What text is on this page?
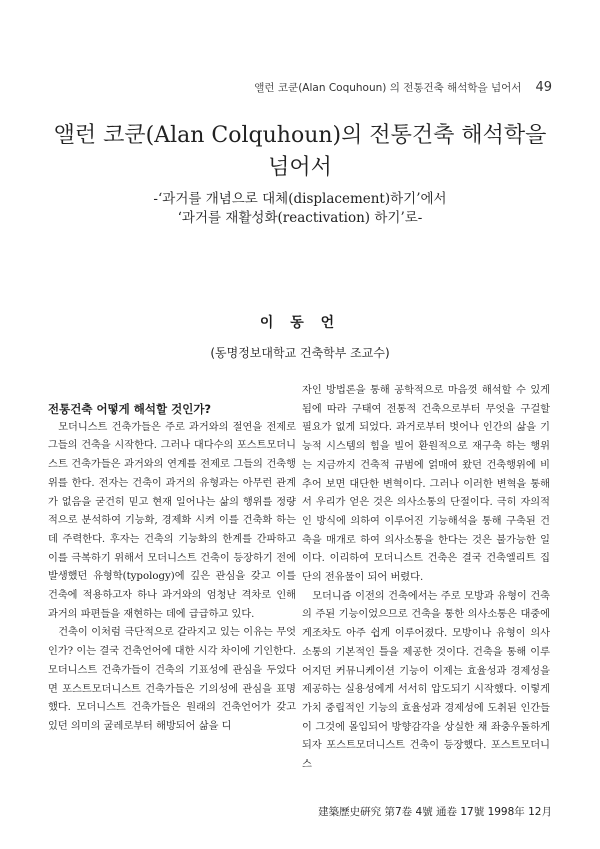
앨런 코쿤(Alan Coquhoun) 의 전통건축 해석학을 넘어서 49
앨런 코쿤(Alan Colquhoun)의 전통건축 해석학을
넘어서
-‘과거를 개념으로 대체(displacement)하기’에서
‘과거를 재활성화(reactivation) 하기’로-
이 동 언
(동명정보대학교 건축학부 조교수)

전통건축 어떻게 해석할 것인가?

모더니스트 건축가들은 주로 과거와의 절연을 전제로 그들의 건축을 시작한다. 그러나 대다수의 포스트모더니스트 건축가들은 과거와의 연계를 전제로 그들의 건축행위를 한다. 전자는 건축이 과거의 유형과는 아무런 관계가 없음을 굳건히 믿고 현재 일어나는 삶의 행위를 정량적으로 분석하여 기능화, 경제화 시켜 이를 건축화 하는데 주력한다. 후자는 건축의 기능화의 한계를 간파하고 이를 극복하기 위해서 모더니스트 건축이 등장하기 전에 발생했던 유형학(typology)에 깊은 관심을 갖고 이를 건축에 적용하고자 하나 과거와의 엄청난 격차로 인해 과거의 파편들을 재현하는 데에 급급하고 있다.

건축이 이처럼 극단적으로 갈라지고 있는 이유는 무엇인가? 이는 결국 건축언어에 대한 시각 차이에 기인한다. 모더니스트 건축가들이 건축의 기표성에 관심을 두었다면 포스트모더니스트 건축가들은 기의성에 관심을 표명했다. 모더니스트 건축가들은 원래의 건축언어가 갖고 있던 의미의 굴레로부터 해방되어 삶을 디

자인 방법론을 통해 공학적으로 마음껏 해석할 수 있게 됨에 따라 구태여 전통적 건축으로부터 무엇을 구걸할 필요가 없게 되었다. 과거로부터 벗어나 인간의 삶을 기능적 시스템의 힘을 빌어 환원적으로 재구축 하는 행위는 지금까지 건축적 규범에 얽매여 왔던 건축행위에 비추어 보면 대단한 변혁이다. 그러나 이러한 변혁을 통해서 우리가 얻은 것은 의사소통의 단절이다. 극히 자의적인 방식에 의하여 이루어진 기능해석을 통해 구축된 건축을 매개로 하여 의사소통을 한다는 것은 불가능한 일이다. 이리하여 모더니스트 건축은 결국 건축엘리트 집단의 전유물이 되어 버렸다.

모더니즘 이전의 건축에서는 주로 모방과 유형이 건축의 주된 기능이었으므로 건축을 통한 의사소통은 대중에게조차도 아주 쉽게 이루어졌다. 모방이나 유형이 의사소통의 기본적인 틀을 제공한 것이다. 건축을 통해 이루어지던 커뮤니케이션 기능이 이제는 효율성과 경제성을 제공하는 실용성에게 서서히 압도되기 시작했다. 이렇게 가치 중립적인 기능의 효율성과 경제성에 도취된 인간들이 그것에 몰입되어 방향감각을 상실한 채 좌충우돌하게 되자 포스트모더니스트 건축이 등장했다. 포스트모더니스

建築歷史硏究 第7卷 4號 通卷 17號 1998年 12月
